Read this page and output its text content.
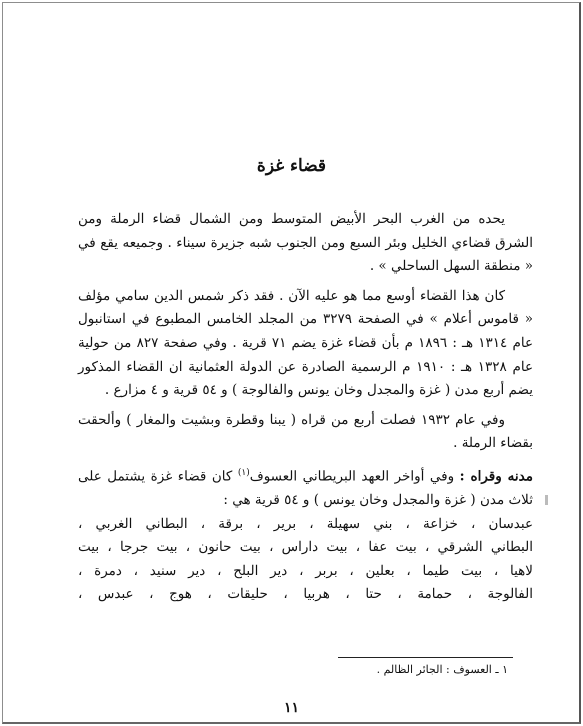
قضاء غزة

يحده من الغرب البحر الأبيض المتوسط ومن الشمال قضاء الرملة ومن الشرق قضاءي الخليل وبئر السبع ومن الجنوب شبه جزيرة سيناء . وجميعه يقع في « منطقة السهل الساحلي » .

كان هذا القضاء أوسع مما هو عليه الآن . فقد ذكر شمس الدين سامي مؤلف « قاموس أعلام » في الصفحة ٣٢٧٩ من المجلد الخامس المطبوع في استانبول عام ١٣١٤ هـ : ١٨٩٦ م بأن قضاء غزة يضم ٧١ قرية . وفي صفحة ٨٢٧ من حولية عام ١٣٢٨ هـ : ١٩١٠ م الرسمية الصادرة عن الدولة العثمانية ان القضاء المذكور يضم أربع مدن ( غزة والمجدل وخان يونس والفالوجة ) و ٥٤ قرية و ٤ مزارع .

وفي عام ١٩٣٢ فصلت أربع من قراه ( يبنا وقطرة وبشيت والمغار ) وألحقت بقضاء الرملة .

مدنه وقراه : وفي أواخر العهد البريطاني العسوف$^{(١)}$ كان قضاء غزة يشتمل على ثلاث مدن ( غزة والمجدل وخان يونس ) و ٥٤ قرية هي :

عبدسان ، خزاعة ، بني سهيلة ، برير ، برقة ، البطاني الغربي ،

البطاني الشرقي ، بيت عفا ، بيت داراس ، بيت حانون ، بيت جرجا ، بيت

لاهيا ، بيت طيما ، بعلين ، بربر ، دير البلح ، دير سنيد ، دمرة ،

الفالوجة ، حمامة ، حتا ، هربيا ، حليقات ، هوج ، عبدس ،

١ ـ العسوف : الجائر الظالم .
١١
